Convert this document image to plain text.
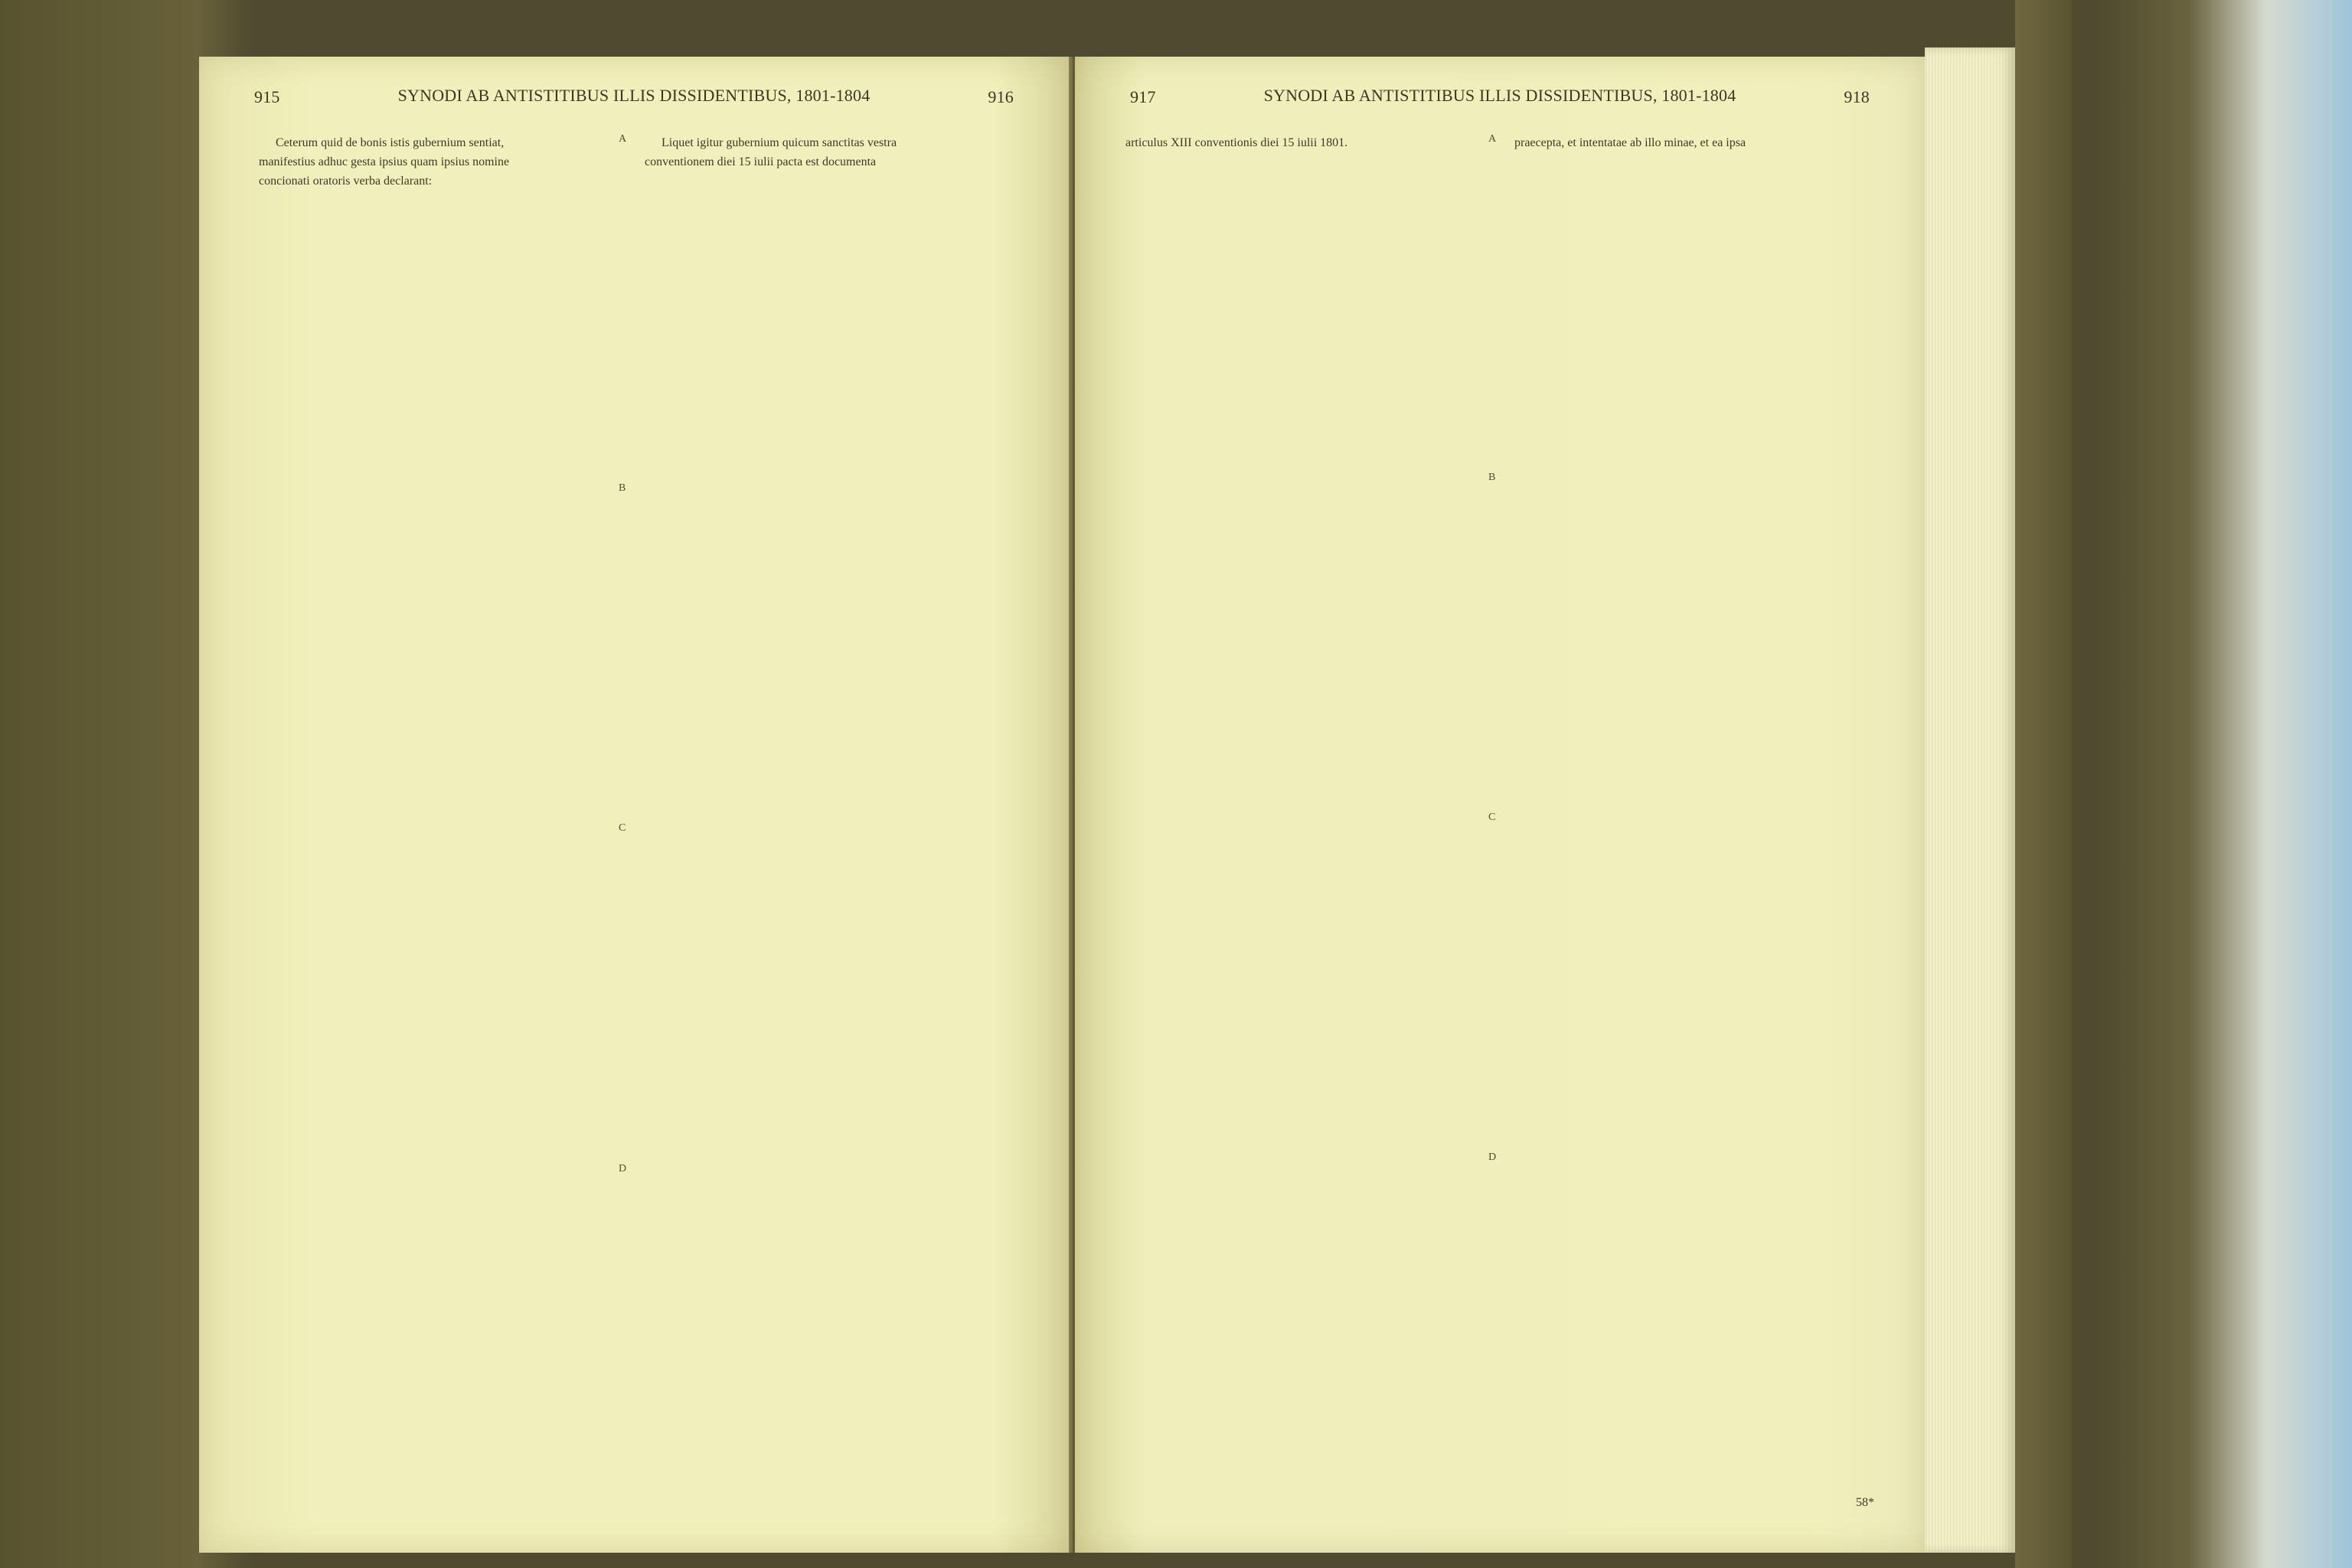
915	SYNODI AB ANTISTITIBUS ILLIS DISSIDENTIBUS, 1801-1804	916
Ceterum quid de bonis istis gubernium sentiat,
manifestius adhuc gesta ipsius quam ipsius nomine
concionati oratoris verba declarant:
Liquet igitur gubernium quicum sanctitas vestra
conventionem diei 15 iulii pacta est documenta
A
B
C
D
917	SYNODI AB ANTISTITIBUS ILLIS DISSIDENTIBUS, 1801-1804	918
articulus XIII conventionis diei 15 iulii 1801.	praecepta, et intentatae ab illo minae, et ea ipsa
A
B
C
D
58*
